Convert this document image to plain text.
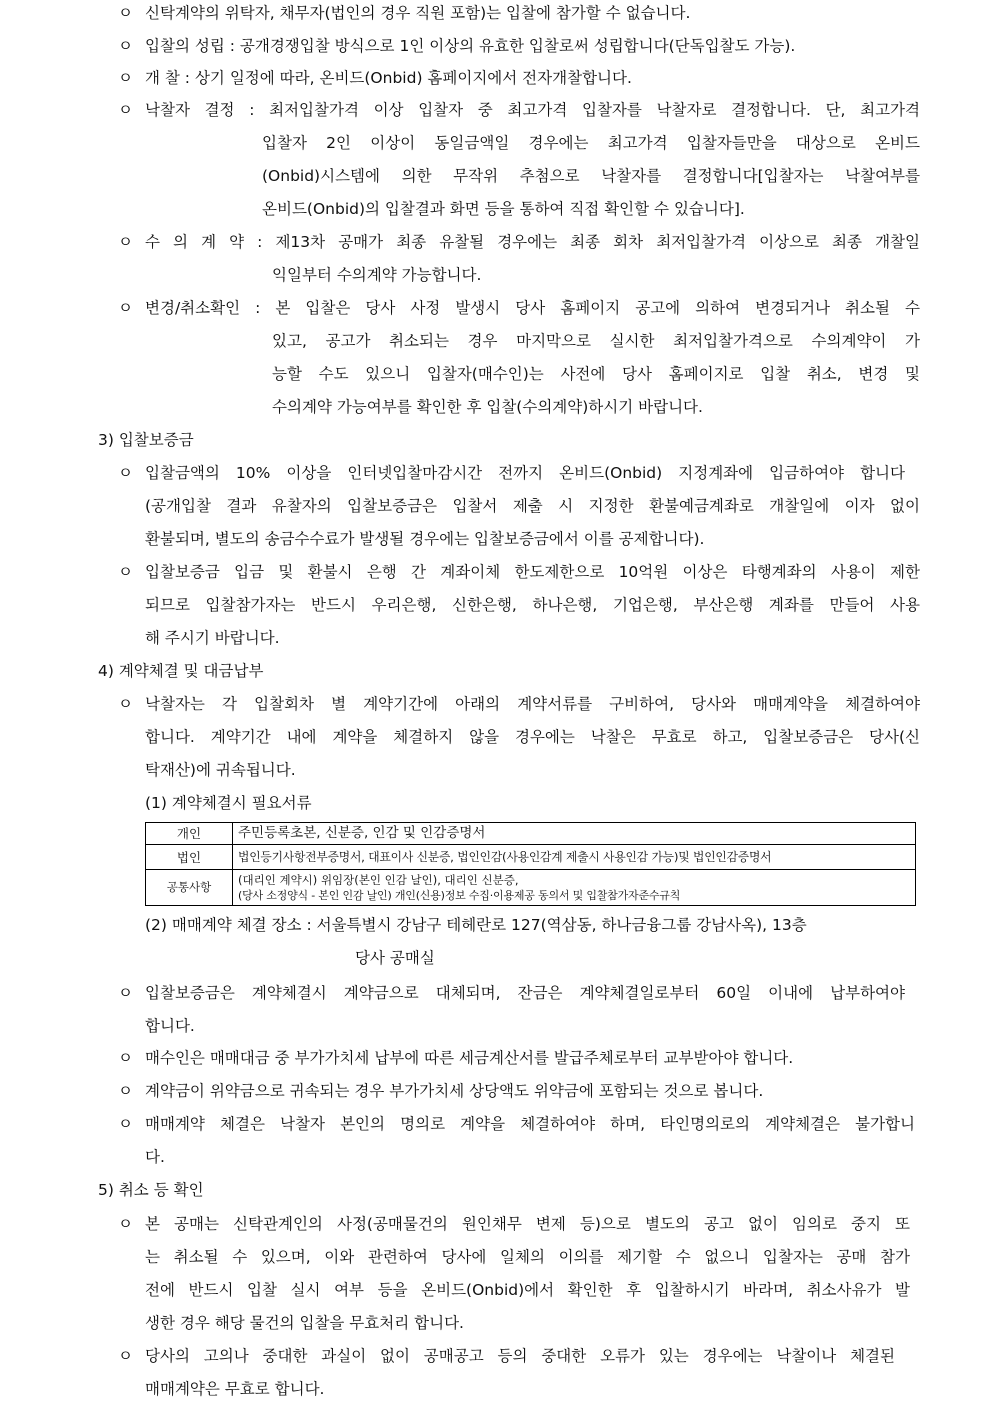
ㅇ 신탁계약의 위탁자, 채무자(법인의 경우 직원 포함)는 입찰에 참가할 수 없습니다.
ㅇ 입찰의 성립 : 공개경쟁입찰 방식으로 1인 이상의 유효한 입찰로써 성립합니다(단독입찰도 가능).
ㅇ 개 찰 : 상기 일정에 따라, 온비드(Onbid) 홈페이지에서 전자개찰합니다.
ㅇ 낙찰자 결정 : 최저입찰가격 이상 입찰자 중 최고가격 입찰자를 낙찰자로 결정합니다. 단, 최고가격
입찰자 2인 이상이 동일금액일 경우에는 최고가격 입찰자들만을 대상으로 온비드
(Onbid)시스템에 의한 무작위 추첨으로 낙찰자를 결정합니다[입찰자는 낙찰여부를
온비드(Onbid)의 입찰결과 화면 등을 통하여 직접 확인할 수 있습니다].
ㅇ 수 의 계 약 : 제13차 공매가 최종 유찰될 경우에는 최종 회차 최저입찰가격 이상으로 최종 개찰일
익일부터 수의계약 가능합니다.
ㅇ 변경/취소확인 : 본 입찰은 당사 사정 발생시 당사 홈페이지 공고에 의하여 변경되거나 취소될 수
있고, 공고가 취소되는 경우 마지막으로 실시한 최저입찰가격으로 수의계약이 가
능할 수도 있으니 입찰자(매수인)는 사전에 당사 홈페이지로 입찰 취소, 변경 및
수의계약 가능여부를 확인한 후 입찰(수의계약)하시기 바랍니다.
3) 입찰보증금
ㅇ 입찰금액의 10% 이상을 인터넷입찰마감시간 전까지 온비드(Onbid) 지정계좌에 입금하여야 합니다
(공개입찰 결과 유찰자의 입찰보증금은 입찰서 제출 시 지정한 환불예금계좌로 개찰일에 이자 없이
환불되며, 별도의 송금수수료가 발생될 경우에는 입찰보증금에서 이를 공제합니다).
ㅇ 입찰보증금 입금 및 환불시 은행 간 계좌이체 한도제한으로 10억원 이상은 타행계좌의 사용이 제한
되므로 입찰참가자는 반드시 우리은행, 신한은행, 하나은행, 기업은행, 부산은행 계좌를 만들어 사용
해 주시기 바랍니다.
4) 계약체결 및 대금납부
ㅇ 낙찰자는 각 입찰회차 별 계약기간에 아래의 계약서류를 구비하여, 당사와 매매계약을 체결하여야
합니다. 계약기간 내에 계약을 체결하지 않을 경우에는 낙찰은 무효로 하고, 입찰보증금은 당사(신
탁재산)에 귀속됩니다.
(1) 계약체결시 필요서류
개인	주민등록초본, 신분증, 인감 및 인감증명서
법인	법인등기사항전부증명서, 대표이사 신분증, 법인인감(사용인감계 제출시 사용인감 가능)및 법인인감증명서
공통사항	(대리인 계약시) 위임장(본인 인감 날인), 대리인 신분증,
(당사 소정양식 - 본인 인감 날인) 개인(신용)정보 수집·이용제공 동의서 및 입찰참가자준수규칙
(2) 매매계약 체결 장소 : 서울특별시 강남구 테헤란로 127(역삼동, 하나금융그룹 강남사옥), 13층
당사 공매실
ㅇ 입찰보증금은 계약체결시 계약금으로 대체되며, 잔금은 계약체결일로부터 60일 이내에 납부하여야
합니다.
ㅇ 매수인은 매매대금 중 부가가치세 납부에 따른 세금계산서를 발급주체로부터 교부받아야 합니다.
ㅇ 계약금이 위약금으로 귀속되는 경우 부가가치세 상당액도 위약금에 포함되는 것으로 봅니다.
ㅇ 매매계약 체결은 낙찰자 본인의 명의로 계약을 체결하여야 하며, 타인명의로의 계약체결은 불가합니
다.
5) 취소 등 확인
ㅇ 본 공매는 신탁관계인의 사정(공매물건의 원인채무 변제 등)으로 별도의 공고 없이 임의로 중지 또
는 취소될 수 있으며, 이와 관련하여 당사에 일체의 이의를 제기할 수 없으니 입찰자는 공매 참가
전에 반드시 입찰 실시 여부 등을 온비드(Onbid)에서 확인한 후 입찰하시기 바라며, 취소사유가 발
생한 경우 해당 물건의 입찰을 무효처리 합니다.
ㅇ 당사의 고의나 중대한 과실이 없이 공매공고 등의 중대한 오류가 있는 경우에는 낙찰이나 체결된
매매계약은 무효로 합니다.
